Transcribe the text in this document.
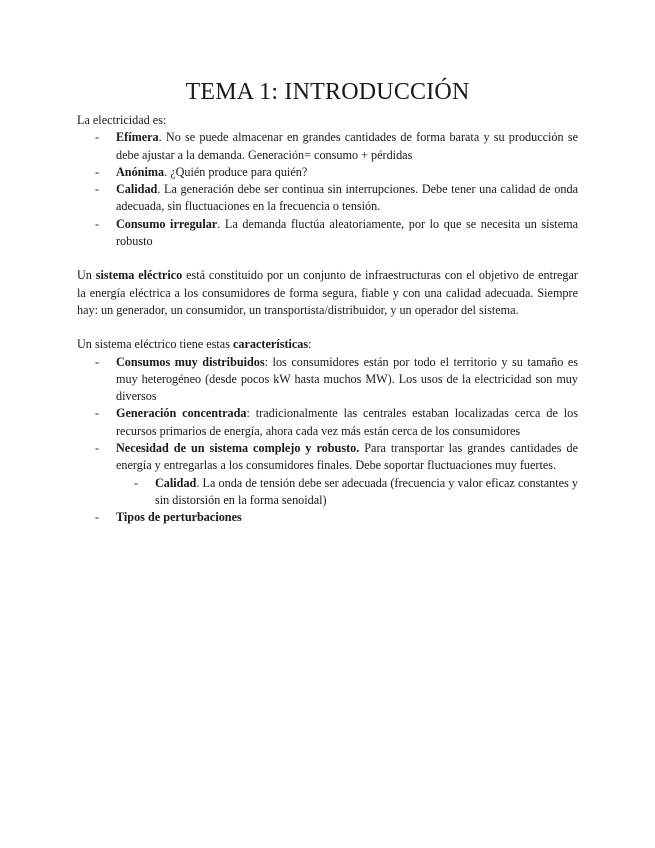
TEMA 1: INTRODUCCIÓN

La electricidad es:

- Efímera. No se puede almacenar en grandes cantidades de forma barata y su producción se debe ajustar a la demanda. Generación= consumo + pérdidas
- Anónima. ¿Quién produce para quién?
- Calidad. La generación debe ser continua sin interrupciones. Debe tener una calidad de onda adecuada, sin fluctuaciones en la frecuencia o tensión.
- Consumo irregular. La demanda fluctúa aleatoriamente, por lo que se necesita un sistema robusto

Un sistema eléctrico está constituido por un conjunto de infraestructuras con el objetivo de entregar la energía eléctrica a los consumidores de forma segura, fiable y con una calidad adecuada. Siempre hay: un generador, un consumidor, un transportista/distribuidor, y un operador del sistema.

Un sistema eléctrico tiene estas características:

- Consumos muy distribuidos: los consumidores están por todo el territorio y su tamaño es muy heterogéneo (desde pocos kW hasta muchos MW). Los usos de la electricidad son muy diversos
- Generación concentrada: tradicionalmente las centrales estaban localizadas cerca de los recursos primarios de energía, ahora cada vez más están cerca de los consumidores
- Necesidad de un sistema complejo y robusto. Para transportar las grandes cantidades de energía y entregarlas a los consumidores finales. Debe soportar fluctuaciones muy fuertes.
- Calidad. La onda de tensión debe ser adecuada (frecuencia y valor eficaz constantes y sin distorsión en la forma senoidal)
- Tipos de perturbaciones
